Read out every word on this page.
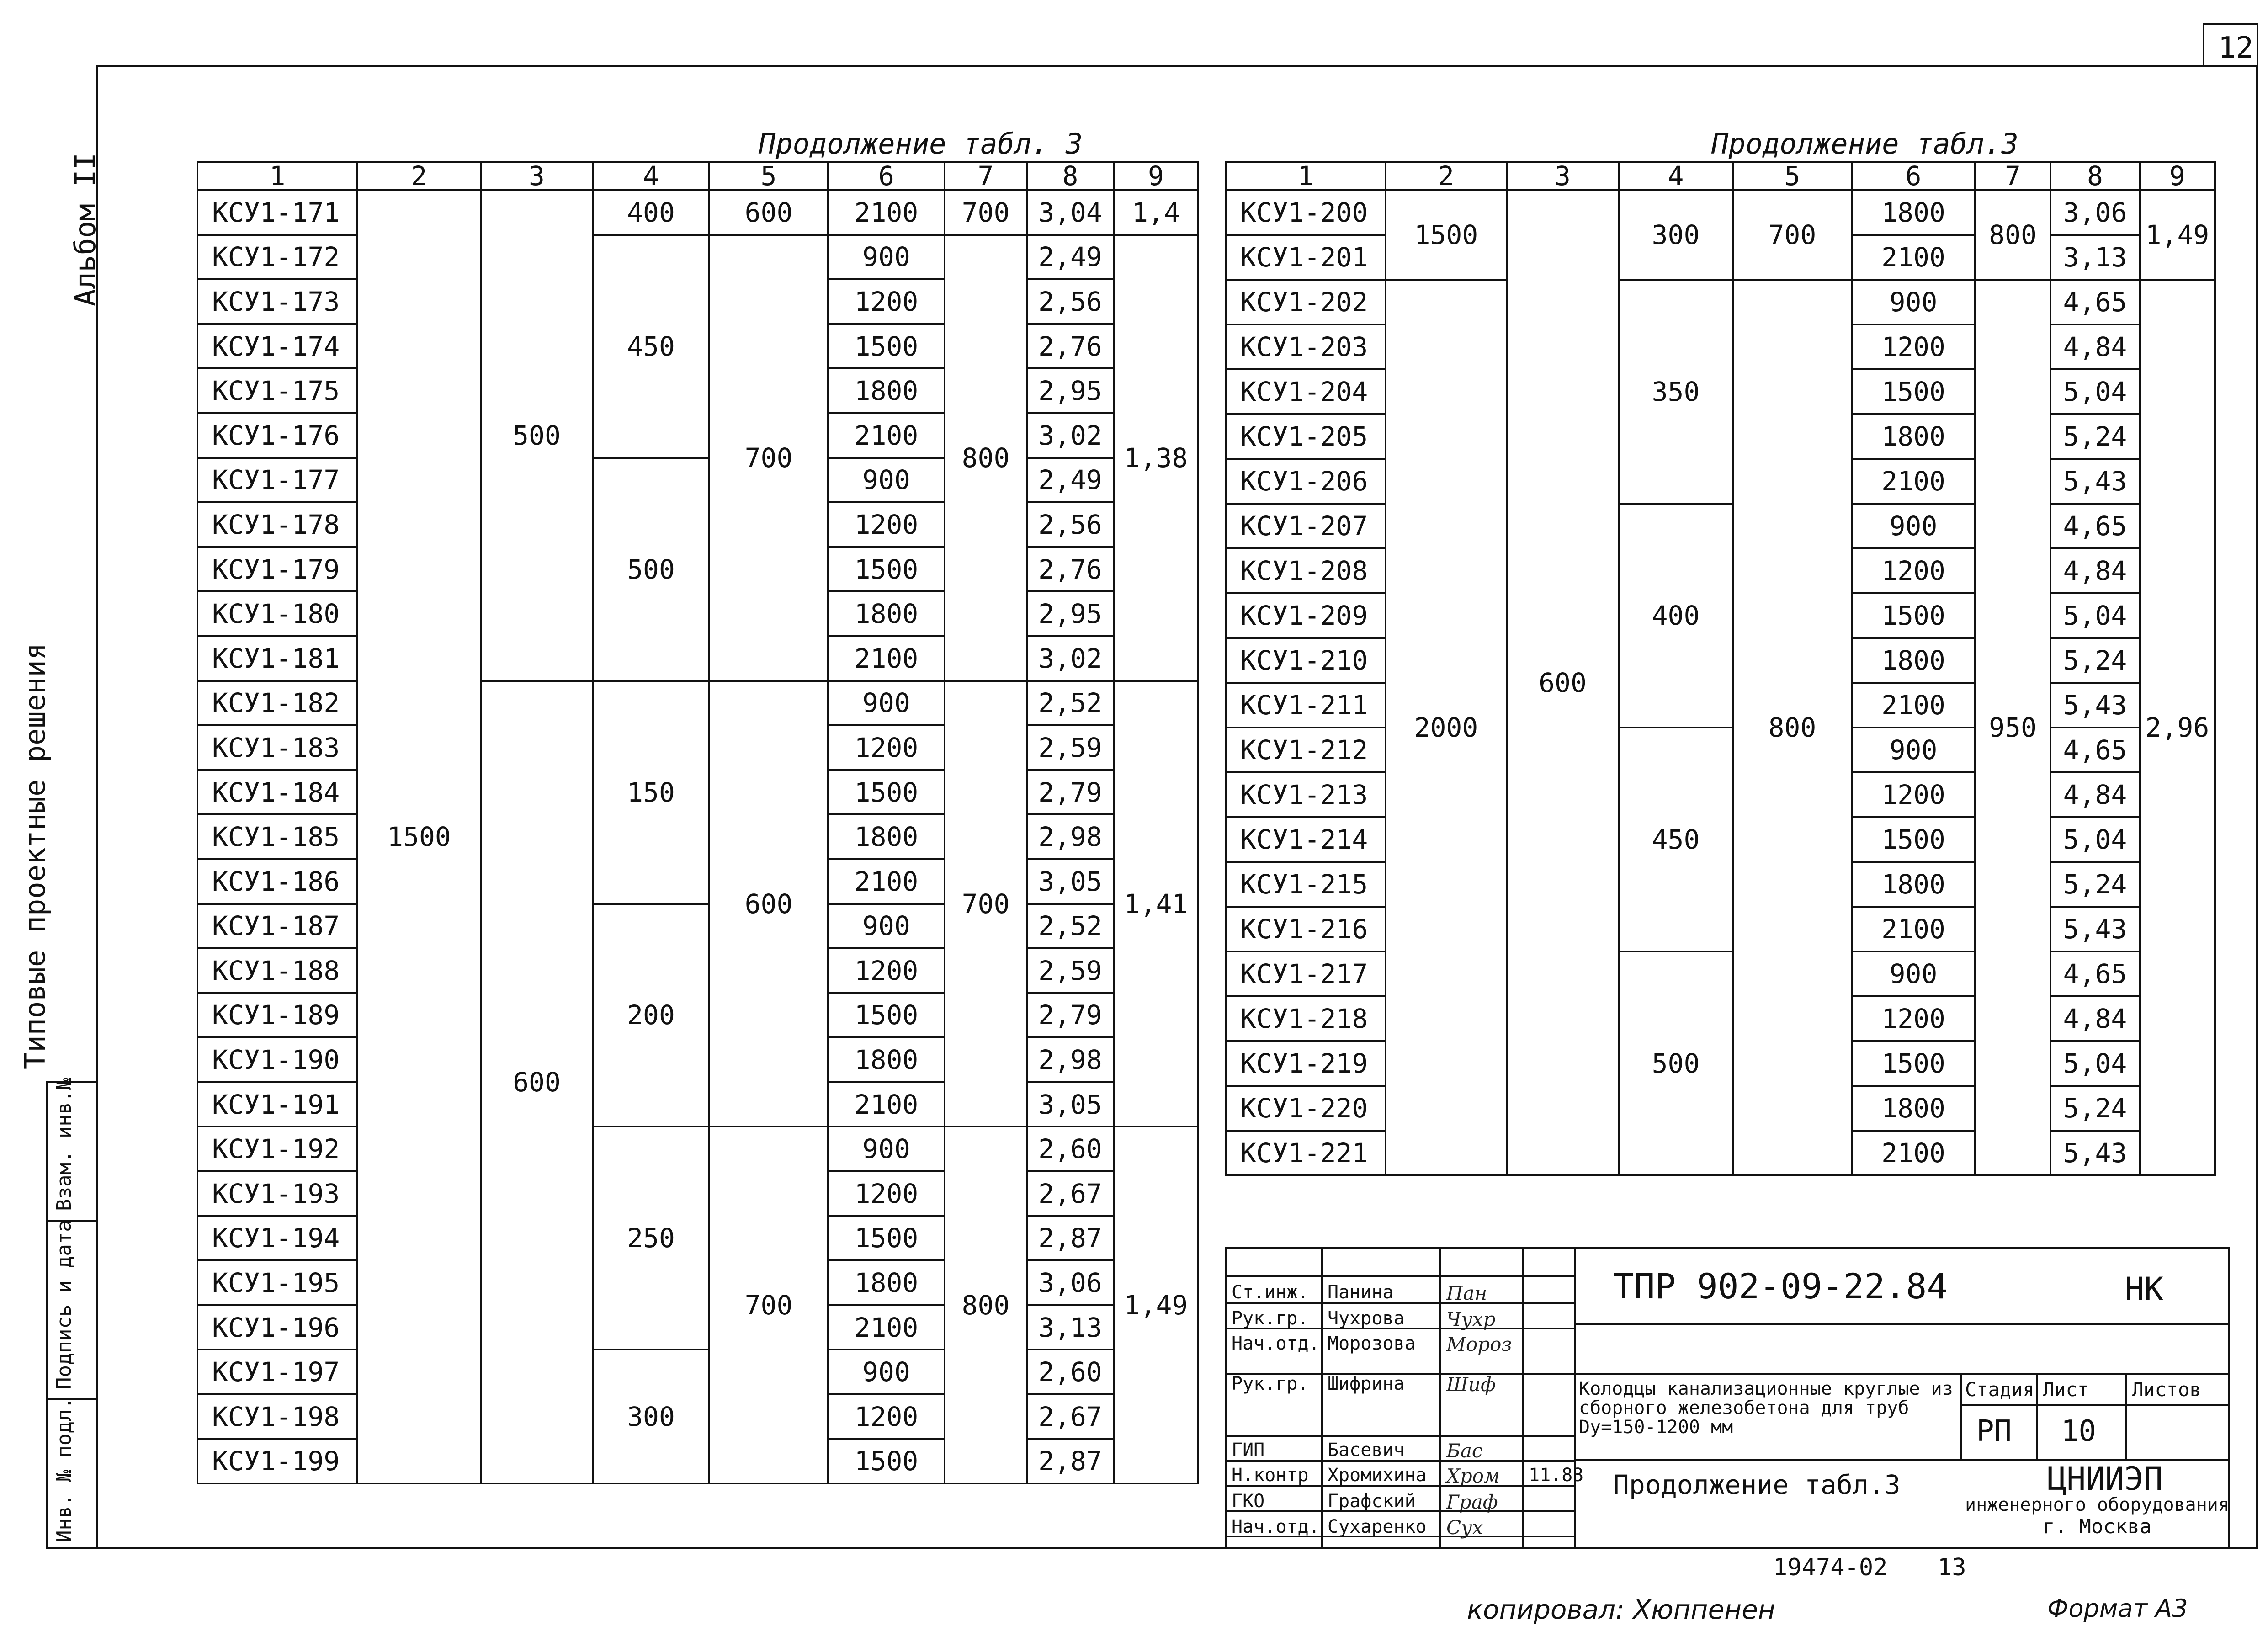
12
Альбом II
Типовые проектные решения
Взам. инв.№
Подпись и дата
Инв. № подл.
Продолжение табл. 3	Продолжение табл.3
1	2	3	4	5	6	7	8	9
КСУ1-171	1500	500	400	600	2100	700	3,04	1,4
КСУ1-172			450	700	900	800	2,49	1,38
КСУ1-173					1200		2,56	
КСУ1-174					1500		2,76	
КСУ1-175					1800		2,95	
КСУ1-176					2100		3,02	
КСУ1-177			500		900		2,49	
КСУ1-178					1200		2,56	
КСУ1-179					1500		2,76	
КСУ1-180					1800		2,95	
КСУ1-181					2100		3,02	
КСУ1-182		600	150	600	900	700	2,52	1,41
КСУ1-183					1200		2,59	
КСУ1-184					1500		2,79	
КСУ1-185					1800		2,98	
КСУ1-186					2100		3,05	
КСУ1-187			200		900		2,52	
КСУ1-188					1200		2,59	
КСУ1-189					1500		2,79	
КСУ1-190					1800		2,98	
КСУ1-191					2100		3,05	
КСУ1-192			250	700	900	800	2,60	1,49
КСУ1-193					1200		2,67	
КСУ1-194					1500		2,87	
КСУ1-195					1800		3,06	
КСУ1-196					2100		3,13	
КСУ1-197			300		900		2,60	
КСУ1-198					1200		2,67	
КСУ1-199					1500		2,87	
1	2	3	4	5	6	7	8	9
КСУ1-200	1500	600	300	700	1800	800	3,06	1,49
КСУ1-201					2100		3,13	
КСУ1-202	2000		350	800	900	950	4,65	2,96
КСУ1-203					1200		4,84	
КСУ1-204					1500		5,04	
КСУ1-205					1800		5,24	
КСУ1-206					2100		5,43	
КСУ1-207			400		900		4,65	
КСУ1-208					1200		4,84	
КСУ1-209					1500		5,04	
КСУ1-210					1800		5,24	
КСУ1-211					2100		5,43	
КСУ1-212			450		900		4,65	
КСУ1-213					1200		4,84	
КСУ1-214					1500		5,04	
КСУ1-215					1800		5,24	
КСУ1-216					2100		5,43	
КСУ1-217			500		900		4,65	
КСУ1-218					1200		4,84	
КСУ1-219					1500		5,04	
КСУ1-220					1800		5,24	
КСУ1-221					2100		5,43	
Ст.инж. Панина	Пан
Рук.гр. Чухрова Чухр
Нач.отд. Морозова Мороз
Рук.гр. Шифрина Шиф
ГИП	Басевич Бас
Н.контр Хромихина Хром
ГКО	Графский Граф
Нач.отд. Сухаренко Сух
11.83
ТПР 902-09-22.84	НК
Колодцы канализационные круглые из сборного железобетона для труб Dy=150-1200 мм
Стадия Лист Листов
РП 10
Продолжение табл.3	ЦНИИЭП
инженерного оборудования
г. Москва
19474-02 13
копировал: Хюппенен	Формат А3
